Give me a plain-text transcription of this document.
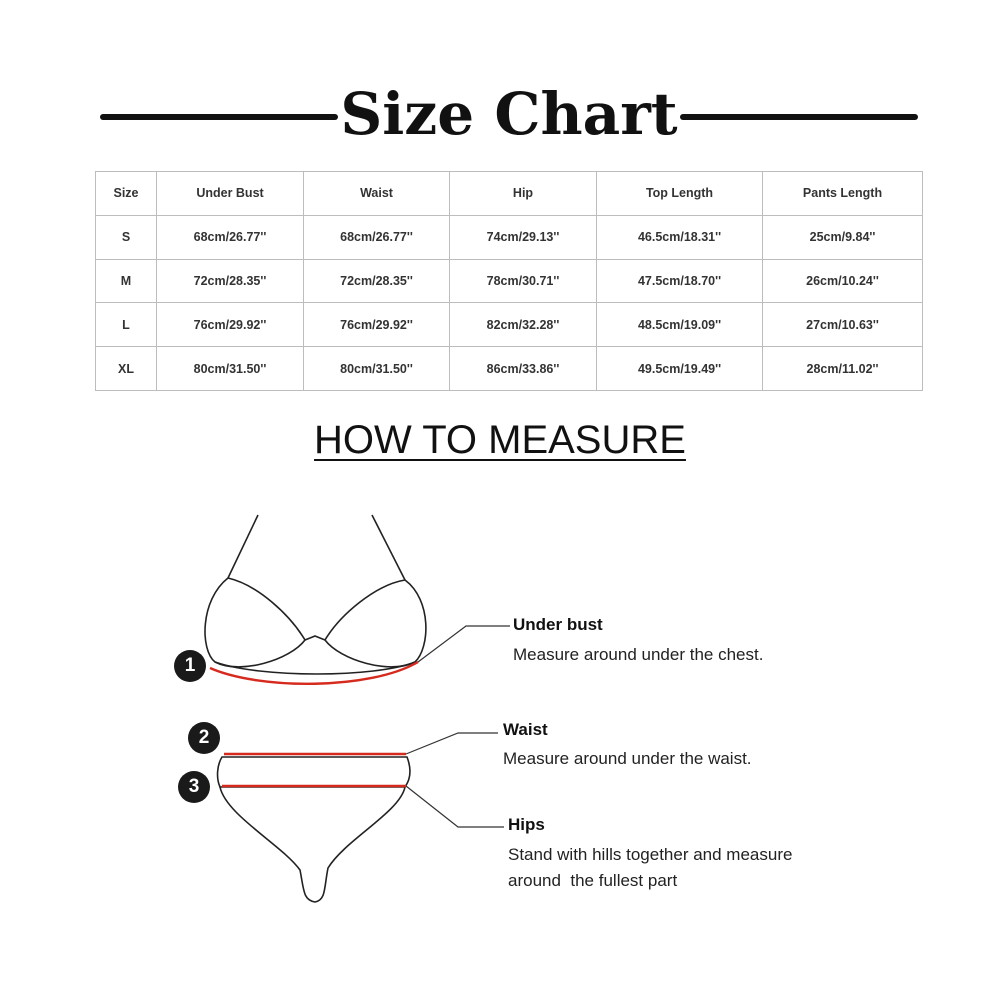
Size Chart
Size	Under Bust	Waist	Hip	Top Length	Pants Length
S	68cm/26.77''	68cm/26.77''	74cm/29.13''	46.5cm/18.31''	25cm/9.84''
M	72cm/28.35''	72cm/28.35''	78cm/30.71''	47.5cm/18.70''	26cm/10.24''
L	76cm/29.92''	76cm/29.92''	82cm/32.28''	48.5cm/19.09''	27cm/10.63''
XL	80cm/31.50''	80cm/31.50''	86cm/33.86''	49.5cm/19.49''	28cm/11.02''
HOW TO MEASURE
1
2
3
Under bust
Measure around under the chest.
Waist
Measure around under the waist.
Hips
Stand with hills together and measure
around  the fullest part
